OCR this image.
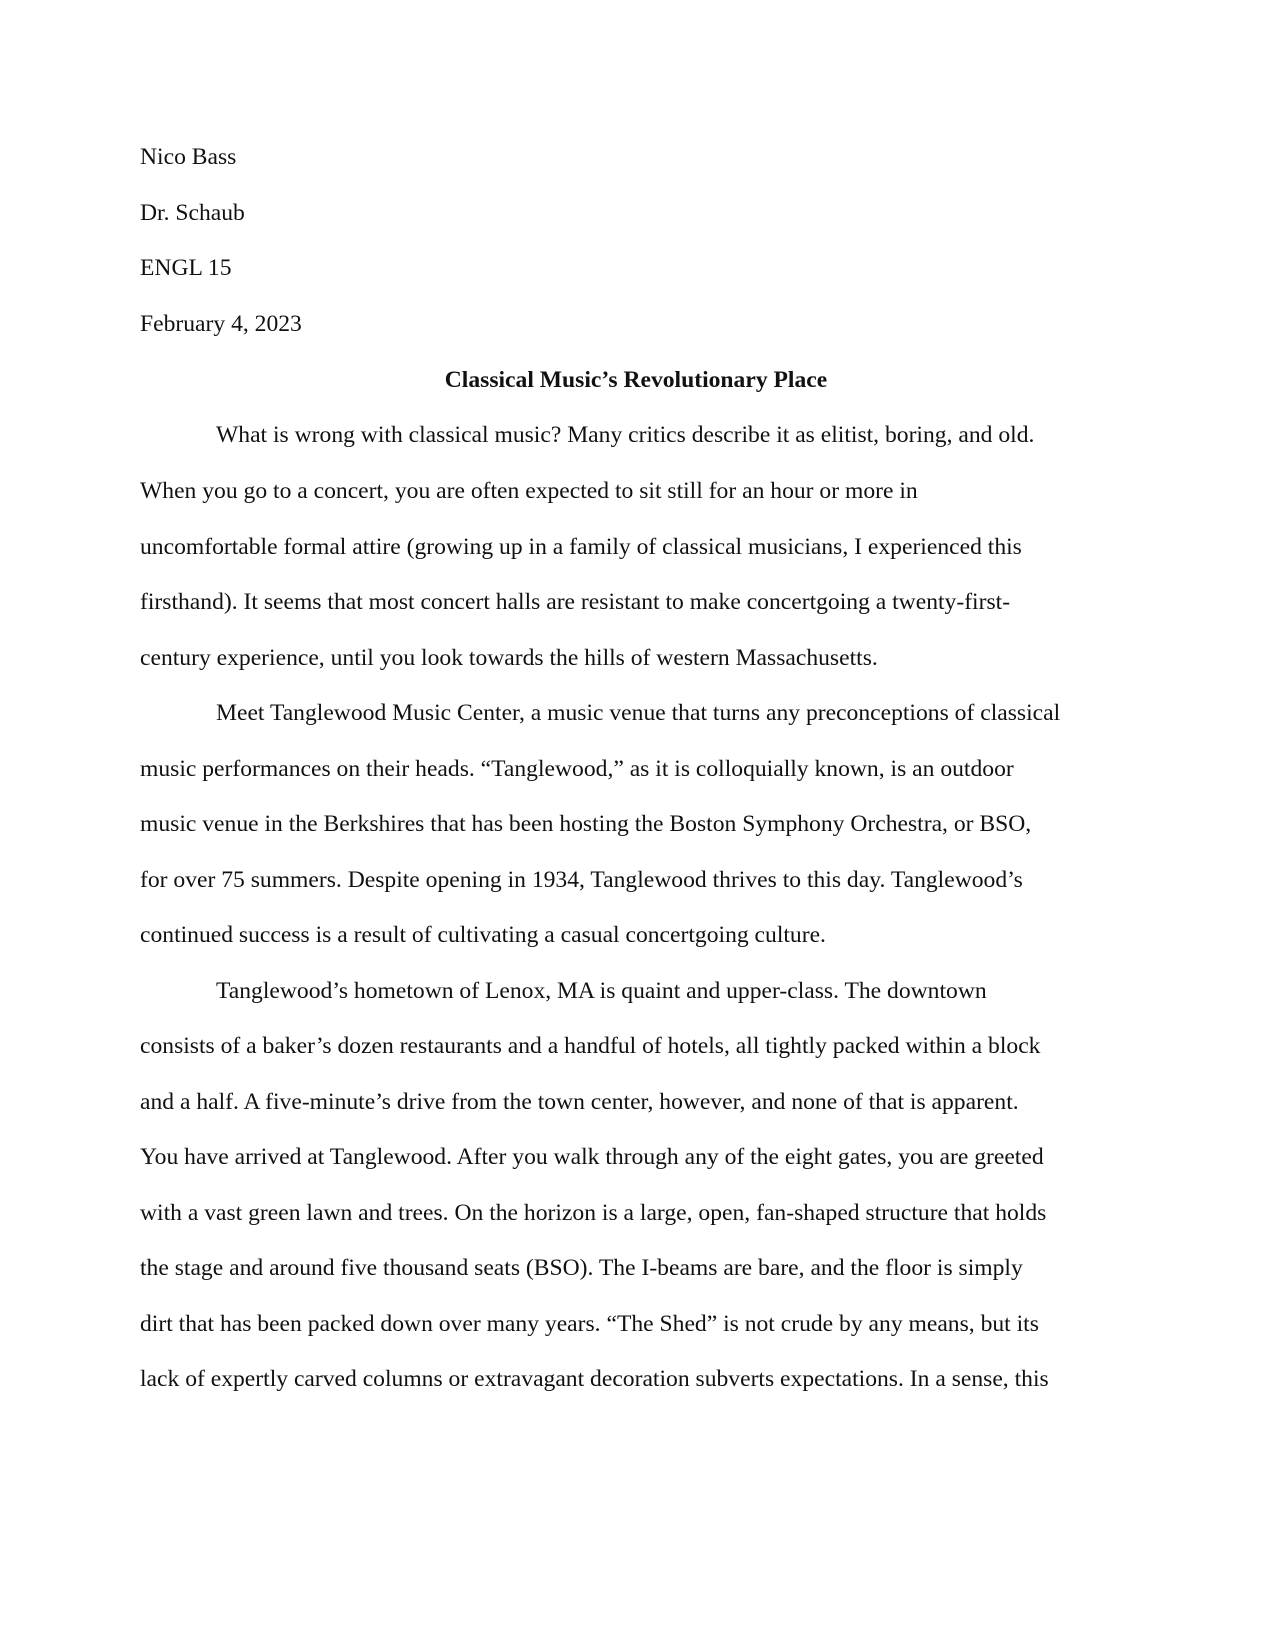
Nico Bass
Dr. Schaub
ENGL 15
February 4, 2023
Classical Music’s Revolutionary Place
What is wrong with classical music? Many critics describe it as elitist, boring, and old.
When you go to a concert, you are often expected to sit still for an hour or more in
uncomfortable formal attire (growing up in a family of classical musicians, I experienced this
firsthand). It seems that most concert halls are resistant to make concertgoing a twenty-first-
century experience, until you look towards the hills of western Massachusetts.
Meet Tanglewood Music Center, a music venue that turns any preconceptions of classical
music performances on their heads. “Tanglewood,” as it is colloquially known, is an outdoor
music venue in the Berkshires that has been hosting the Boston Symphony Orchestra, or BSO,
for over 75 summers. Despite opening in 1934, Tanglewood thrives to this day. Tanglewood’s
continued success is a result of cultivating a casual concertgoing culture.
Tanglewood’s hometown of Lenox, MA is quaint and upper-class. The downtown
consists of a baker’s dozen restaurants and a handful of hotels, all tightly packed within a block
and a half. A five-minute’s drive from the town center, however, and none of that is apparent.
You have arrived at Tanglewood. After you walk through any of the eight gates, you are greeted
with a vast green lawn and trees. On the horizon is a large, open, fan-shaped structure that holds
the stage and around five thousand seats (BSO). The I-beams are bare, and the floor is simply
dirt that has been packed down over many years. “The Shed” is not crude by any means, but its
lack of expertly carved columns or extravagant decoration subverts expectations. In a sense, this
